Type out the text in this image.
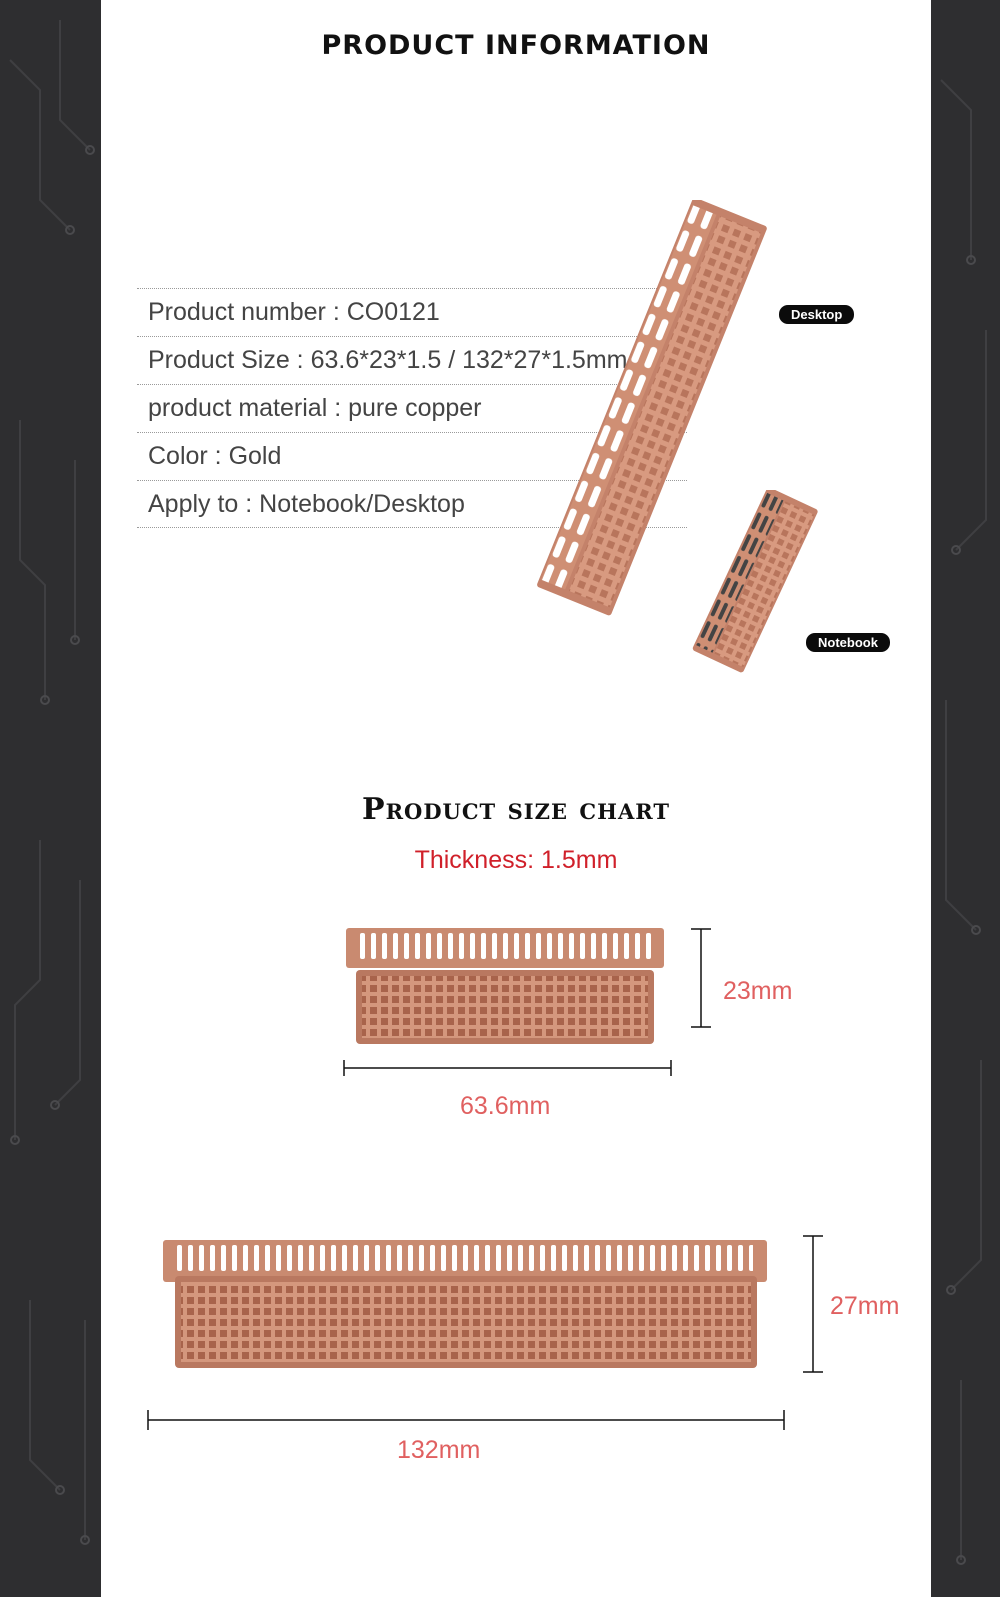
PRODUCT INFORMATION
Product number : CO0121
Product Size : 63.6*23*1.5 / 132*27*1.5mm
product material : pure copper
Color : Gold
Apply to : Notebook/Desktop
Desktop
Notebook
Product size chart
Thickness: 1.5mm
23mm
63.6mm
27mm
132mm
